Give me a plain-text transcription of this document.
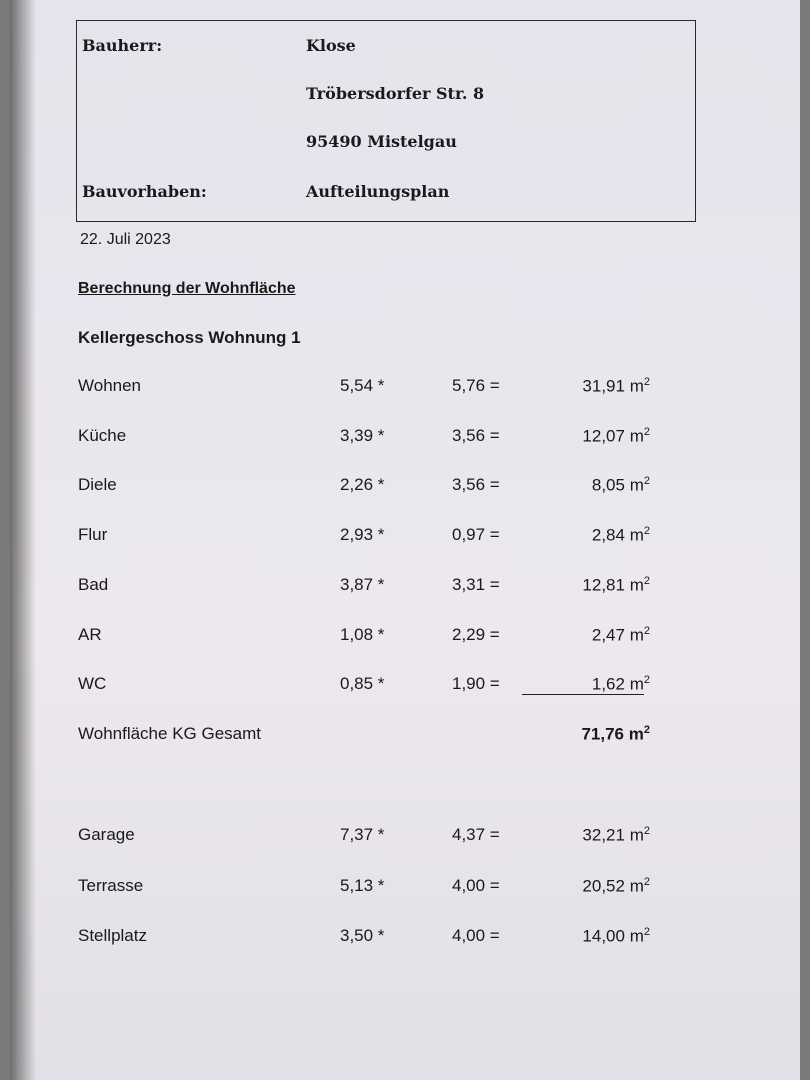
Bauherr:	Klose
Tröbersdorfer Str. 8
95490 Mistelgau
Bauvorhaben:	Aufteilungsplan
22. Juli 2023
Berechnung der Wohnfläche
Kellergeschoss Wohnung 1
Wohnen	5,54 *	5,76 =	31,91 $m^2$
Küche	3,39 *	3,56 =	12,07 $m^2$
Diele	2,26 *	3,56 =	8,05 $m^2$
Flur	2,93 *	0,97 =	2,84 $m^2$
Bad	3,87 *	3,31 =	12,81 $m^2$
AR	1,08 *	2,29 =	2,47 $m^2$
WC	0,85 *	1,90 =	1,62 $m^2$
Wohnfläche KG Gesamt	71,76 $m^2$
Garage	7,37 *	4,37 =	32,21 $m^2$
Terrasse	5,13 *	4,00 =	20,52 $m^2$
Stellplatz	3,50 *	4,00 =	14,00 $m^2$
